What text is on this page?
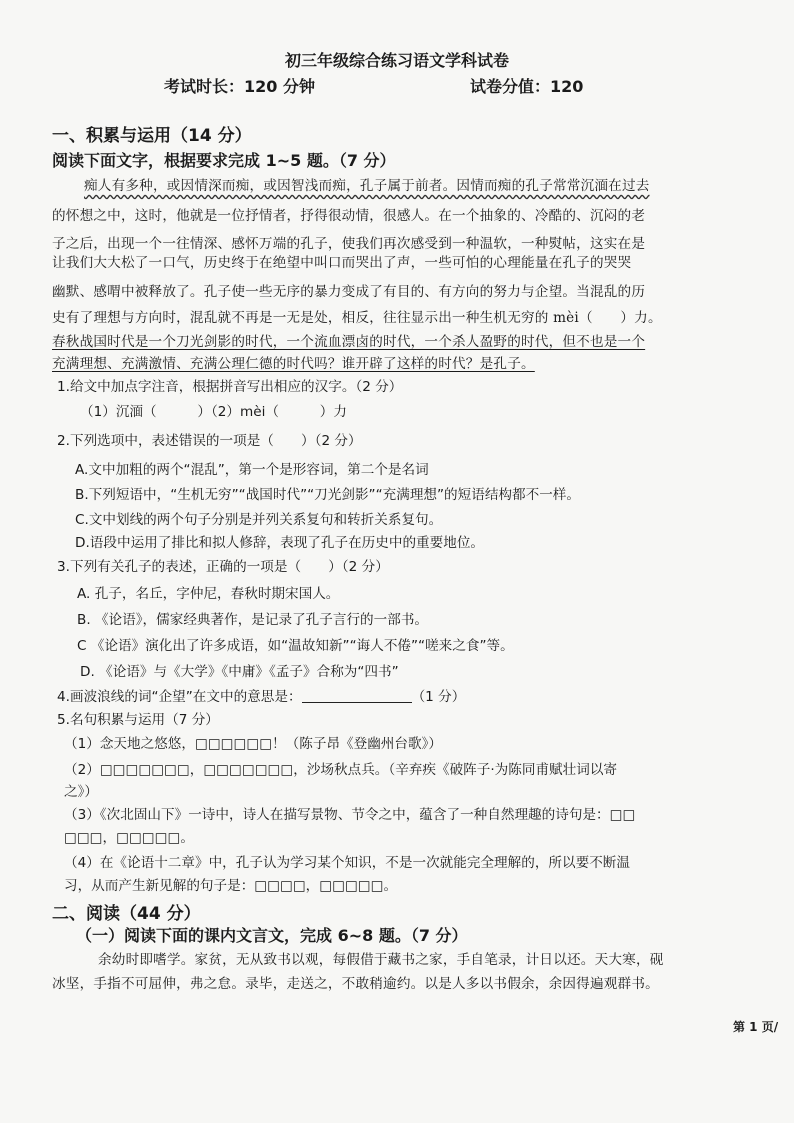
初三年级综合练习语文学科试卷
考试时长：120 分钟	试卷分值：120
一、积累与运用（14 分）
阅读下面文字，根据要求完成 1~5 题。（7 分）
痴人有多种，或因情深而痴，或因智浅而痴，孔子属于前者。因情而痴的孔子常常沉湎在过去
的怀想之中，这时，他就是一位抒情者，抒得很动情，很感人。在一个抽象的、冷酷的、沉闷的老
子之后，出现一个一往情深、感怀万端的孔子，使我们再次感受到一种温软，一种熨帖，这实在是
让我们大大松了一口气，历史终于在绝望中叫口而哭出了声，一些可怕的心理能量在孔子的哭哭
幽默、感喟中被释放了。孔子使一些无序的暴力变成了有目的、有方向的努力与企望。当混乱的历
史有了理想与方向时，混乱就不再是一无是处，相反，往往显示出一种生机无穷的 mèi（　　）力。
春秋战国时代是一个刀光剑影的时代，一个流血漂卤的时代，一个杀人盈野的时代，但不也是一个
充满理想、充满激情、充满公理仁德的时代吗？谁开辟了这样的时代？是孔子。
1.给文中加点字注音，根据拼音写出相应的汉字。（2 分）
（1）沉湎（　　　）（2）mèi（　　　）力
2.下列选项中，表述错误的一项是（　　）（2 分）
A.文中加粗的两个“混乱”，第一个是形容词，第二个是名词
B.下列短语中，“生机无穷”“战国时代”“刀光剑影”“充满理想”的短语结构都不一样。
C.文中划线的两个句子分别是并列关系复句和转折关系复句。
D.语段中运用了排比和拟人修辞，表现了孔子在历史中的重要地位。
3.下列有关孔子的表述，正确的一项是（　　）（2 分）
A. 孔子，名丘，字仲尼，春秋时期宋国人。
B. 《论语》，儒家经典著作，是记录了孔子言行的一部书。
C 《论语》演化出了许多成语，如“温故知新”“诲人不倦”“嗟来之食”等。
D. 《论语》与《大学》《中庸》《孟子》合称为“四书”
4.画波浪线的词“企望”在文中的意思是：	（1 分）
5.名句积累与运用（7 分）
（1）念天地之悠悠，□□□□□□！（陈子昂《登幽州台歌》）
（2）□□□□□□□，□□□□□□□，沙场秋点兵。（辛弃疾《破阵子·为陈同甫赋壮词以寄
之》）
（3）《次北固山下》一诗中，诗人在描写景物、节令之中，蕴含了一种自然理趣的诗句是：□□
□□□，□□□□□。
（4）在《论语十二章》中，孔子认为学习某个知识，不是一次就能完全理解的，所以要不断温
习，从而产生新见解的句子是：□□□□，□□□□□。
二、阅读（44 分）
（一）阅读下面的课内文言文，完成 6~8 题。（7 分）
余幼时即嗜学。家贫，无从致书以观，每假借于藏书之家，手自笔录，计日以还。天大寒，砚
冰坚，手指不可屈伸，弗之怠。录毕，走送之，不敢稍逾约。以是人多以书假余，余因得遍观群书。
第 1 页/
